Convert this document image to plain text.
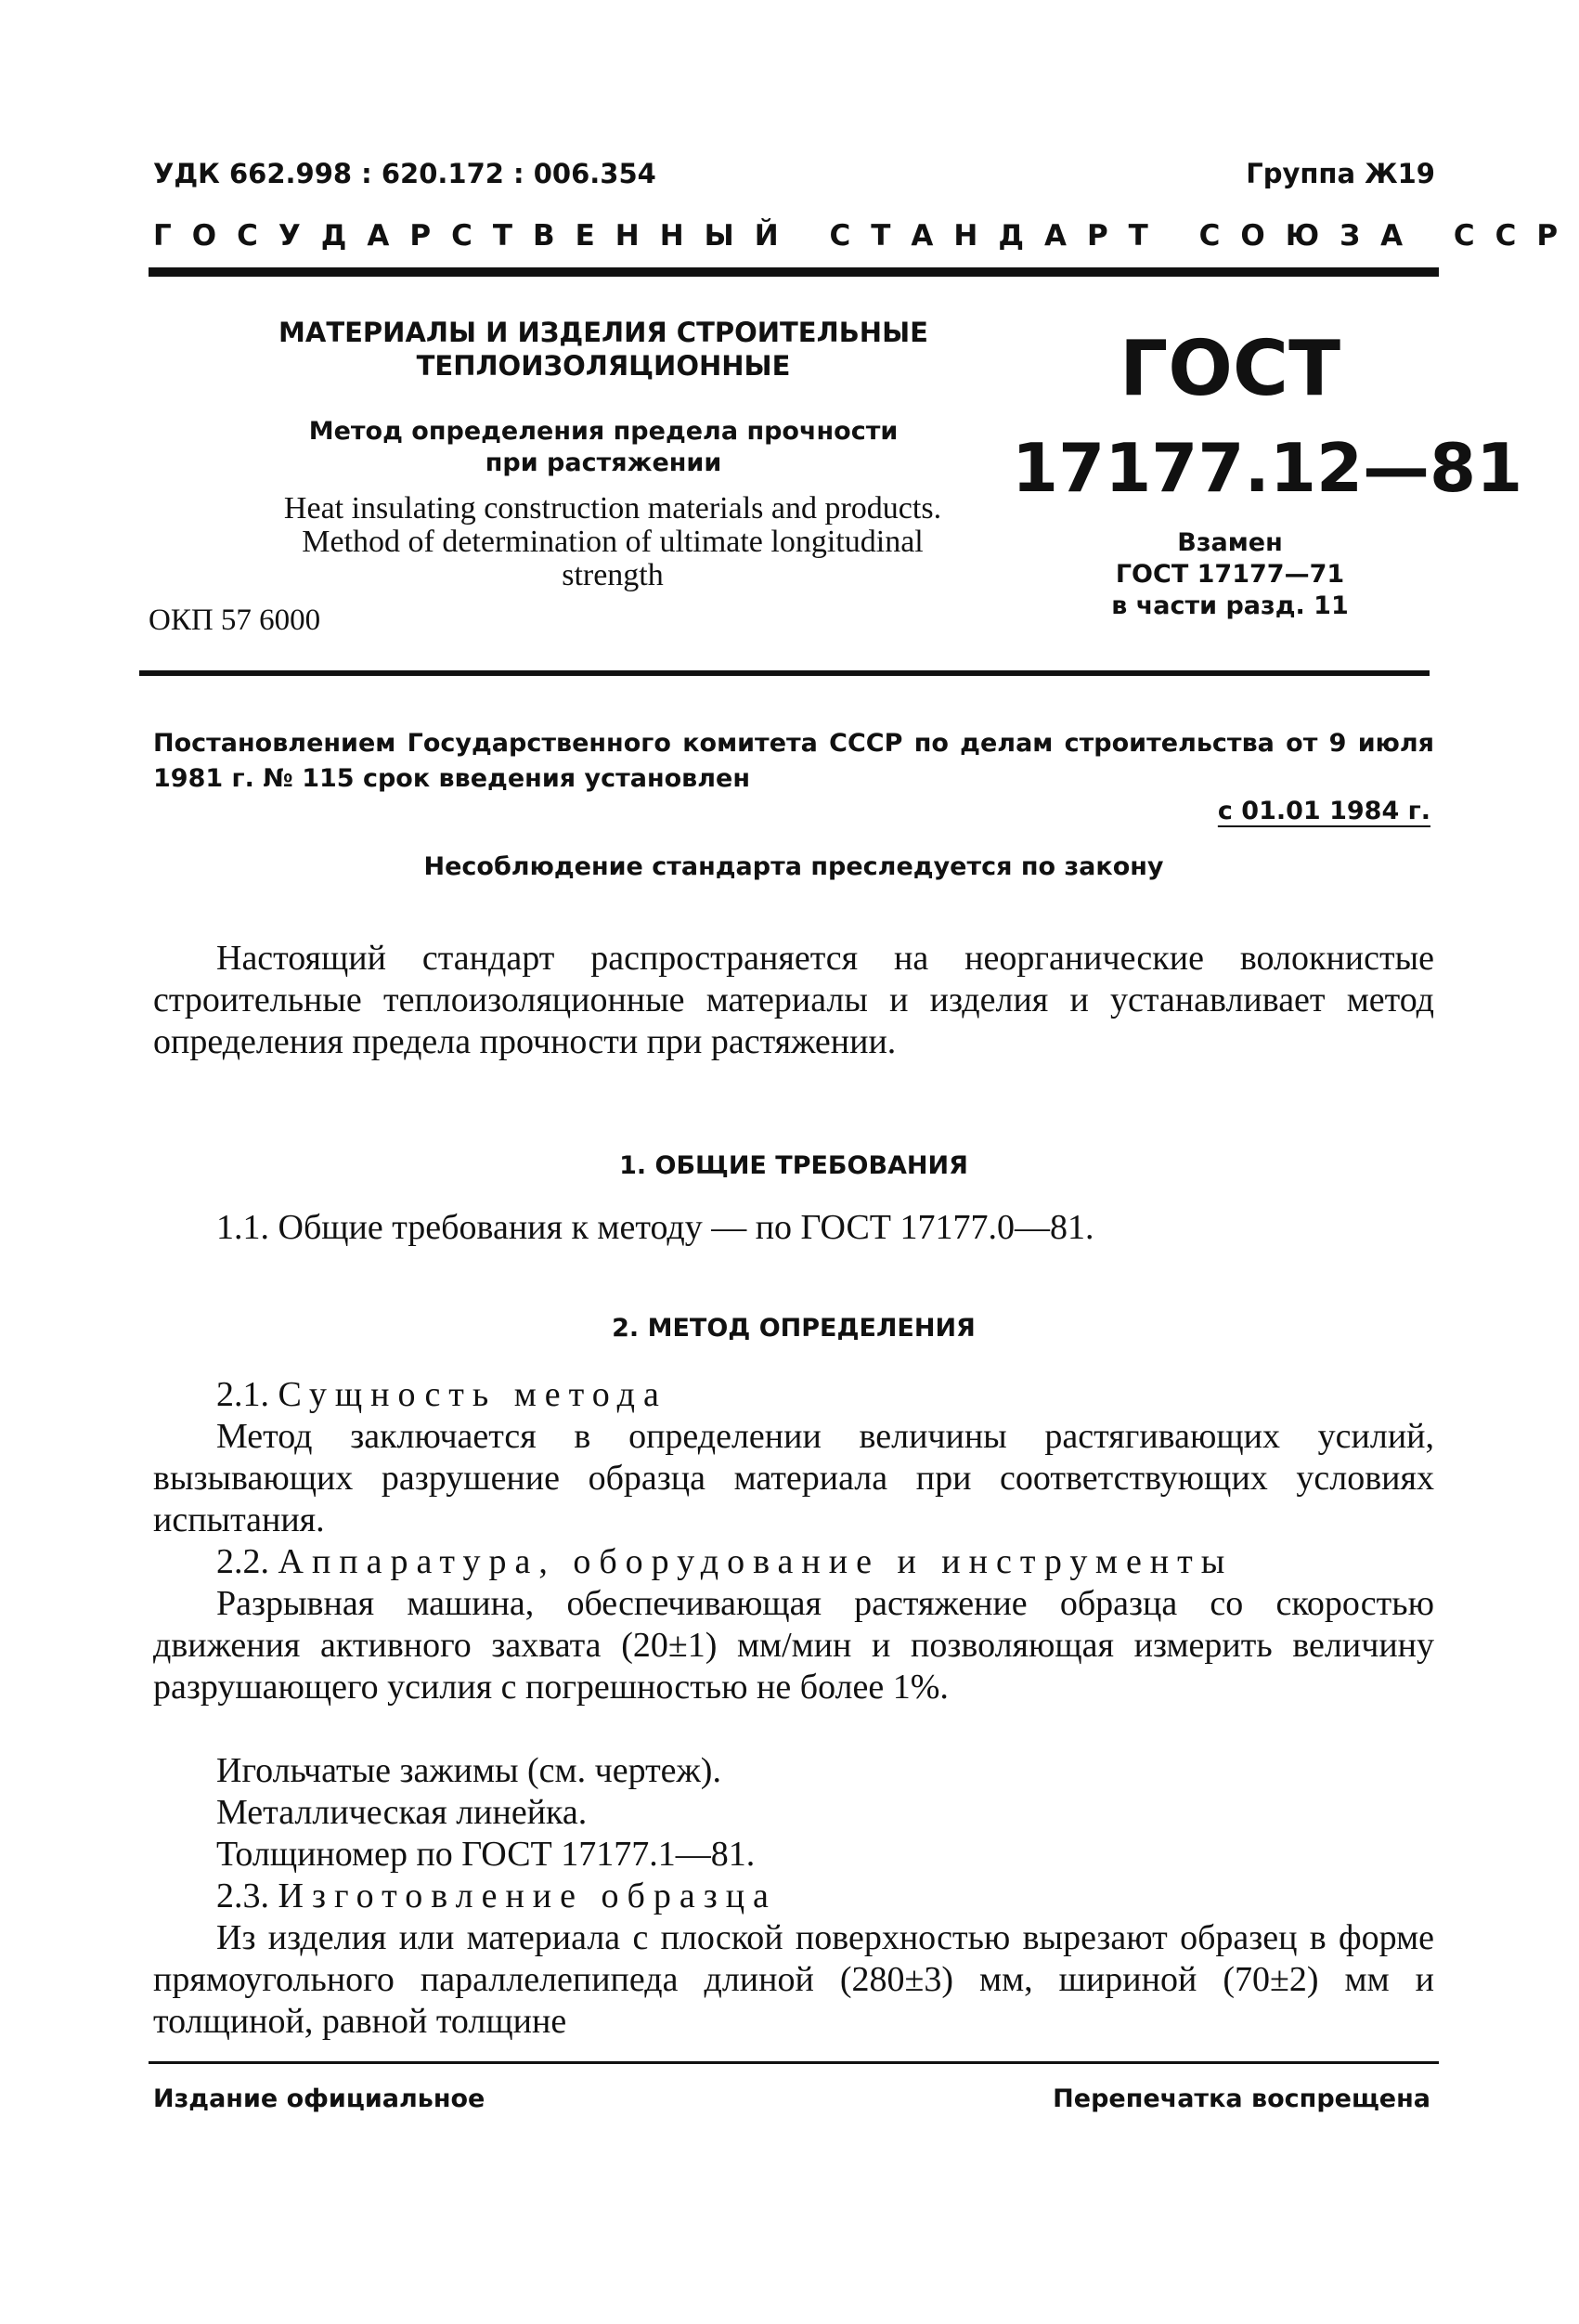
УДК 662.998 : 620.172 : 006.354	Группа Ж19
ГОСУДАРСТВЕННЫЙ СТАНДАРТ СОЮЗА ССР
МАТЕРИАЛЫ И ИЗДЕЛИЯ СТРОИТЕЛЬНЫЕ
ТЕПЛОИЗОЛЯЦИОННЫЕ
Метод определения предела прочности
при растяжении
Heat insulating construction materials and products.
Method of determination of ultimate longitudinal
strength
ОКП 57 6000
ГОСТ
17177.12—81
Взамен
ГОСТ 17177—71
в части разд. 11
Постановлением Государственного комитета СССР по делам строительства от 9 июля 1981 г. № 115 срок введения установлен
с 01.01 1984 г.
Несоблюдение стандарта преследуется по закону
Настоящий стандарт распространяется на неорганические волокнистые строительные теплоизоляционные материалы и изделия и устанавливает метод определения предела прочности при растяжении.
1. ОБЩИЕ ТРЕБОВАНИЯ
1.1. Общие требования к методу — по ГОСТ 17177.0—81.
2. МЕТОД ОПРЕДЕЛЕНИЯ
2.1. Сущность метода
Метод заключается в определении величины растягивающих усилий, вызывающих разрушение образца материала при соответствующих условиях испытания.
2.2. Аппаратура, оборудование и инструменты
Разрывная машина, обеспечивающая растяжение образца со скоростью движения активного захвата (20±1) мм/мин и позволяющая измерить величину разрушающего усилия с погрешностью не более 1%.
Игольчатые зажимы (см. чертеж).
Металлическая линейка.
Толщиномер по ГОСТ 17177.1—81.
2.3. Изготовление образца
Из изделия или материала с плоской поверхностью вырезают образец в форме прямоугольного параллелепипеда длиной (280±3) мм, шириной (70±2) мм и толщиной, равной толщине
Издание официальное	Перепечатка воспрещена
